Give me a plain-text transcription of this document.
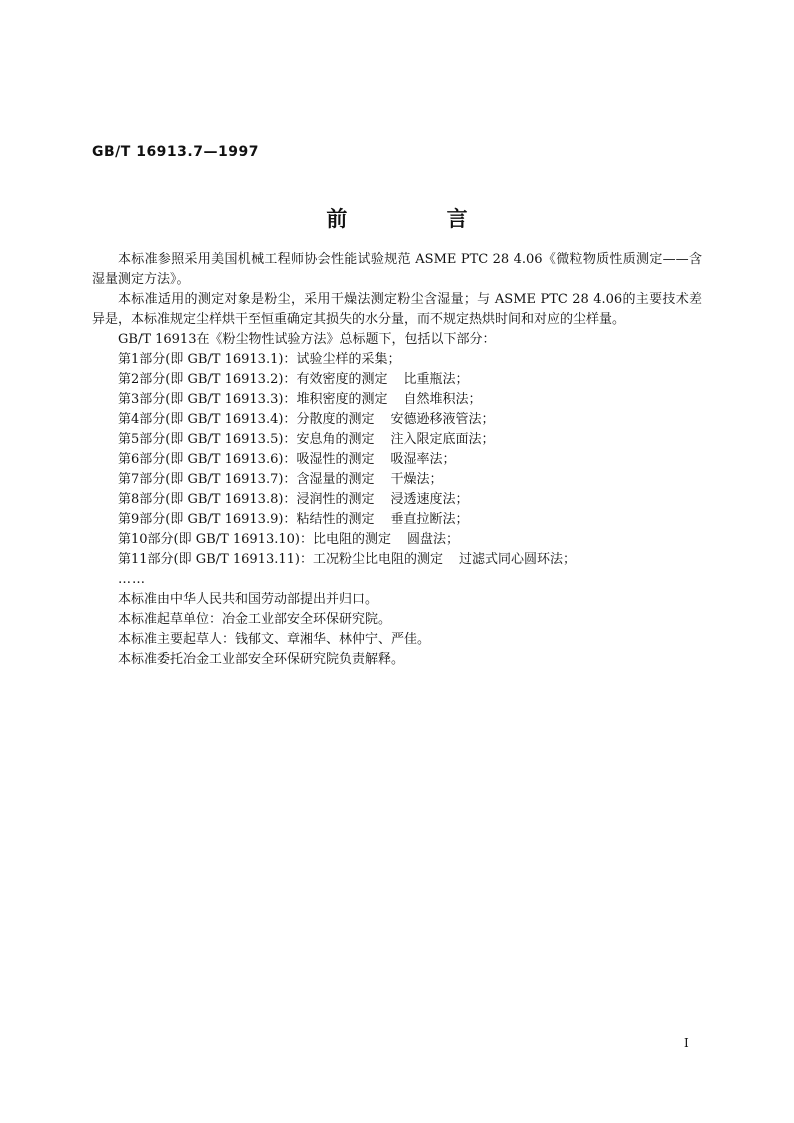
GB/T 16913.7—1997
前 言

本标准参照采用美国机械工程师协会性能试验规范 ASME PTC 28 4.06《微粒物质性质测定——含湿量测定方法》。

本标准适用的测定对象是粉尘，采用干燥法测定粉尘含湿量；与 ASME PTC 28 4.06的主要技术差异是，本标准规定尘样烘干至恒重确定其损失的水分量，而不规定热烘时间和对应的尘样量。

GB/T 16913在《粉尘物性试验方法》总标题下，包括以下部分：

第1部分(即 GB/T 16913.1)：试验尘样的采集；
第2部分(即 GB/T 16913.2)：有效密度的测定 比重瓶法；
第3部分(即 GB/T 16913.3)：堆积密度的测定 自然堆积法；
第4部分(即 GB/T 16913.4)：分散度的测定 安德逊移液管法；
第5部分(即 GB/T 16913.5)：安息角的测定 注入限定底面法；
第6部分(即 GB/T 16913.6)：吸湿性的测定 吸湿率法；
第7部分(即 GB/T 16913.7)：含湿量的测定 干燥法；
第8部分(即 GB/T 16913.8)：浸润性的测定 浸透速度法；
第9部分(即 GB/T 16913.9)：粘结性的测定 垂直拉断法；
第10部分(即 GB/T 16913.10)：比电阻的测定 圆盘法；
第11部分(即 GB/T 16913.11)：工况粉尘比电阻的测定 过滤式同心圆环法；

……

本标准由中华人民共和国劳动部提出并归口。

本标准起草单位：冶金工业部安全环保研究院。

本标准主要起草人：钱郁文、章湘华、林仲宁、严佳。

本标准委托冶金工业部安全环保研究院负责解释。

I
